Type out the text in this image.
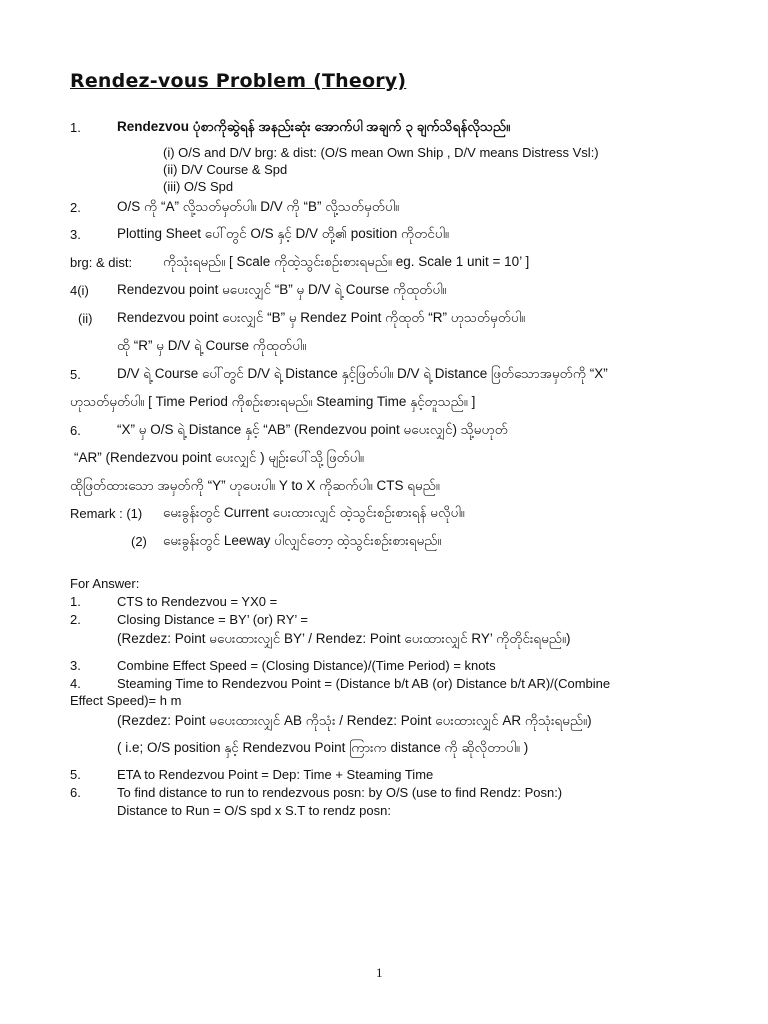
Rendez-vous Problem (Theory)
1.	Rendezvou ပုံစာကိုဆွဲရန် အနည်းဆုံး အောက်ပါ အချက် ၃ ချက်သိရန်လိုသည်။
(i) O/S and D/V brg: & dist: (O/S mean Own Ship , D/V means Distress Vsl:)
(ii) D/V Course & Spd
(iii) O/S Spd
2.	O/S ကို “A” လို့သတ်မှတ်ပါ။ D/V ကို “B” လို့သတ်မှတ်ပါ။
3.	Plotting Sheet ပေါ်တွင် O/S နှင့် D/V တို့၏ position ကိုတင်ပါ။
brg: & dist: ကိုသုံးရမည်။ [ Scale ကိုထဲ့သွင်းစဉ်းစားရမည်။ eg. Scale 1 unit = 10’ ]
4(i) Rendezvou point မပေးလျှင် “B” မှ D/V ရဲ့ Course ကိုထုတ်ပါ။
(ii) Rendezvou point ပေးလျှင် “B” မှ Rendez Point ကိုထုတ် “R” ဟုသတ်မှတ်ပါ။
ထို “R” မှ D/V ရဲ့ Course ကိုထုတ်ပါ။
5.	D/V ရဲ့ Course ပေါ်တွင် D/V ရဲ့ Distance နှင့်ဖြတ်ပါ။ D/V ရဲ့ Distance ဖြတ်သောအမှတ်ကို “X”
ဟုသတ်မှတ်ပါ။ [ Time Period ကိုစဉ်းစားရမည်။ Steaming Time နှင့်တူသည်။ ]
6.	“X” မှ O/S ရဲ့ Distance နှင့် “AB” (Rendezvou point မပေးလျှင်) သို့မဟုတ်
“AR” (Rendezvou point ပေးလျှင် ) မျဉ်းပေါ်သို့ဖြတ်ပါ။
ထိုဖြတ်ထားသော အမှတ်ကို “Y” ဟုပေးပါ။ Y to X ကိုဆက်ပါ။ CTS ရမည်။
Remark : (1) မေးခွန်းတွင် Current ပေးထားလျှင် ထဲ့သွင်းစဉ်းစားရန် မလိုပါ။
(2) မေးခွန်းတွင် Leeway ပါလျှင်တော့ ထဲ့သွင်းစဉ်းစားရမည်။
For Answer:
1.	CTS to Rendezvou = YX0 =
2.	Closing Distance = BY’ (or) RY’ =
(Rezdez: Point မပေးထားလျှင် BY’ / Rendez: Point ပေးထားလျှင် RY’ ကိုတိုင်းရမည်။)
3.	Combine Effect Speed = (Closing Distance)/(Time Period) = knots
4.	Steaming Time to Rendezvou Point = (Distance b/t AB (or) Distance b/t AR)/(Combine
Effect Speed)= h m
(Rezdez: Point မပေးထားလျှင် AB ကိုသုံး / Rendez: Point ပေးထားလျှင် AR ကိုသုံးရမည်။)
( i.e; O/S position နှင့် Rendezvou Point ကြားက distance ကို ဆိုလိုတာပါ။ )
5.	ETA to Rendezvou Point = Dep: Time + Steaming Time
6.	To find distance to run to rendezvous posn: by O/S (use to find Rendz: Posn:)
Distance to Run = O/S spd x S.T to rendz posn:
1
